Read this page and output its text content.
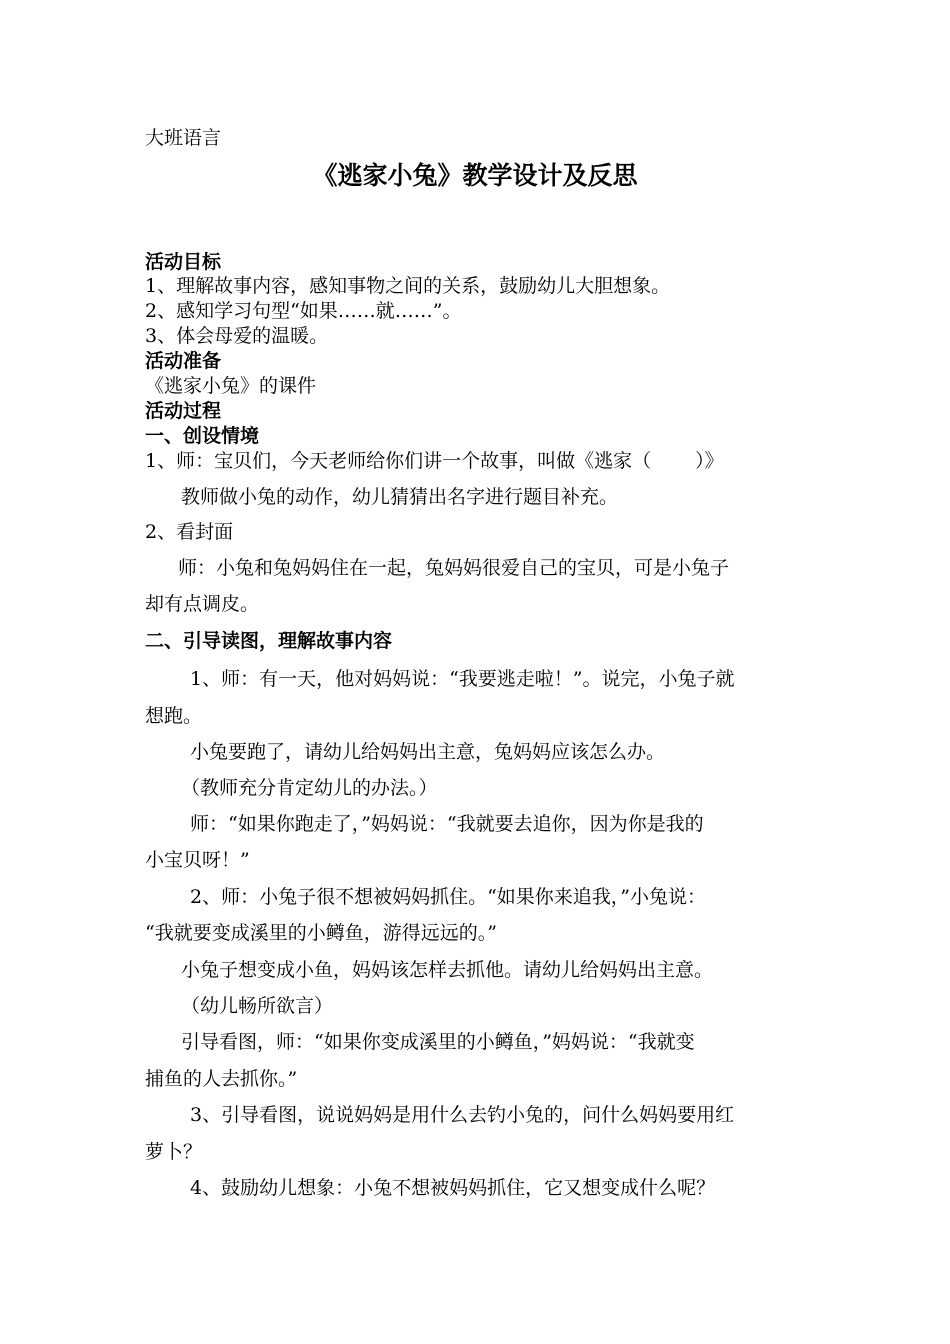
大班语言
《逃家小兔》教学设计及反思
活动目标
1、理解故事内容，感知事物之间的关系，鼓励幼儿大胆想象。
2、感知学习句型“如果……就……”。
3、体会母爱的温暖。
活动准备
《逃家小兔》的课件
活动过程
一、创设情境
1、师：宝贝们，今天老师给你们讲一个故事，叫做《逃家（ ）》
教师做小兔的动作，幼儿猜猜出名字进行题目补充。
2、看封面
师：小兔和兔妈妈住在一起，兔妈妈很爱自己的宝贝，可是小兔子
却有点调皮。
二、引导读图，理解故事内容
1、师：有一天，他对妈妈说：“我要逃走啦！”。说完，小兔子就
想跑。
小兔要跑了，请幼儿给妈妈出主意，兔妈妈应该怎么办。
（教师充分肯定幼儿的办法。）
师：“如果你跑走了，”妈妈说：“我就要去追你，因为你是我的
小宝贝呀！”
2、师：小兔子很不想被妈妈抓住。“如果你来追我，”小兔说：
“我就要变成溪里的小鳟鱼，游得远远的。”
小兔子想变成小鱼，妈妈该怎样去抓他。请幼儿给妈妈出主意。
（幼儿畅所欲言）
引导看图，师：“如果你变成溪里的小鳟鱼，”妈妈说：“我就变
捕鱼的人去抓你。”
3、引导看图，说说妈妈是用什么去钓小兔的，问什么妈妈要用红
萝卜？
4、鼓励幼儿想象：小兔不想被妈妈抓住，它又想变成什么呢？
